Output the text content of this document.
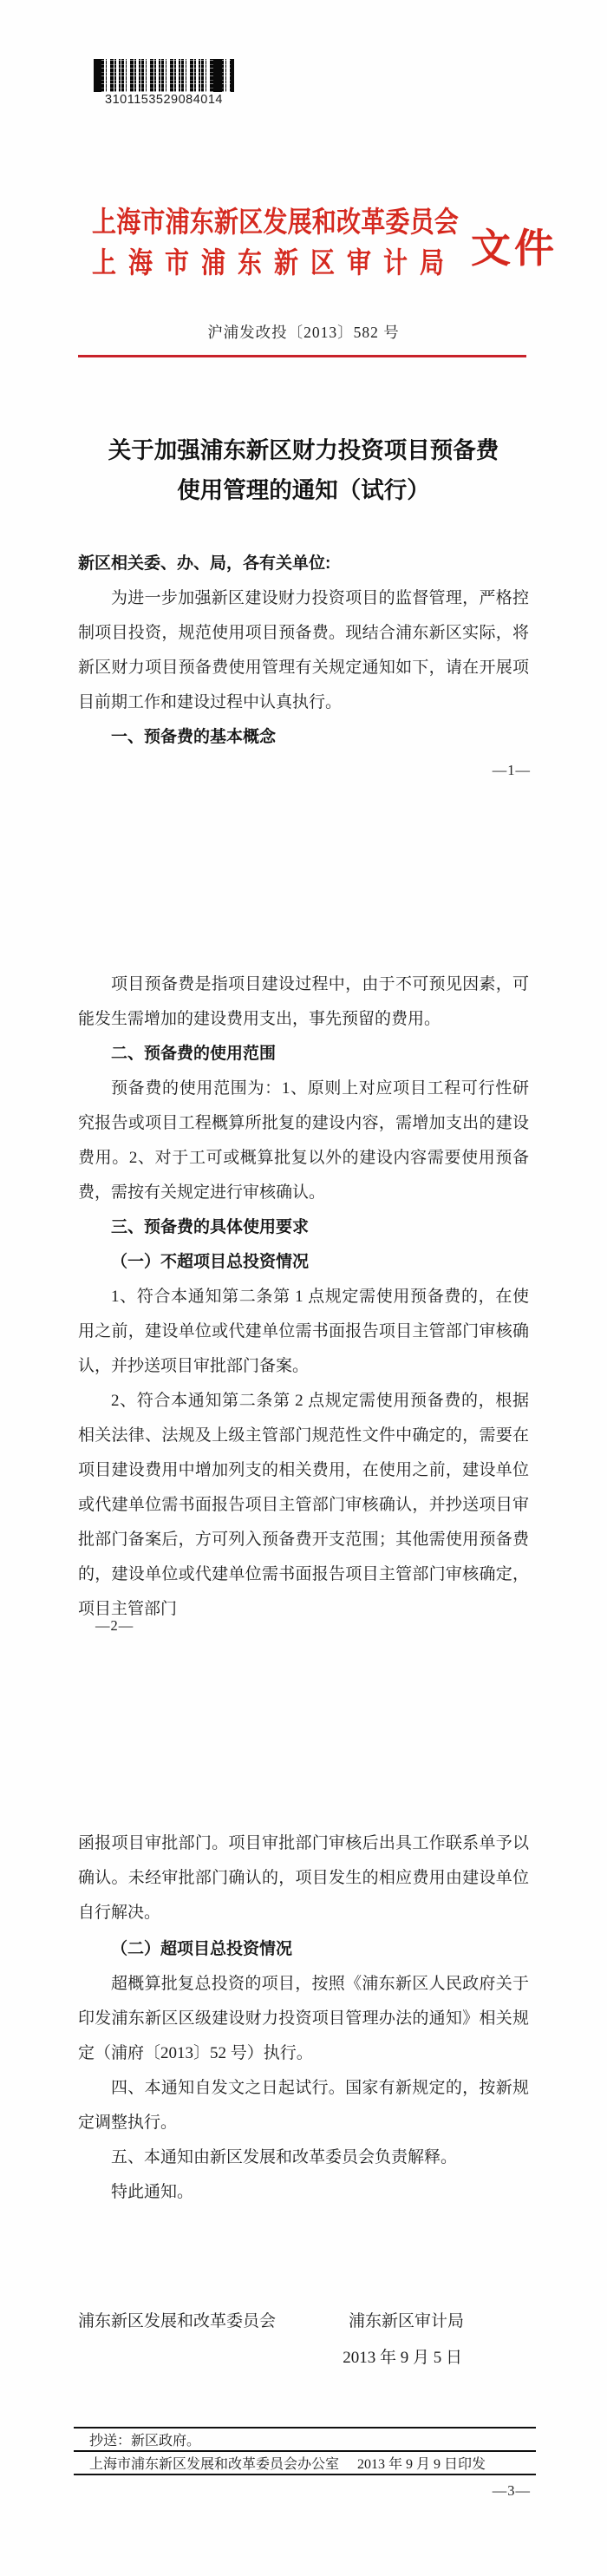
3101153529084014
上海市浦东新区发展和改革委员会
上海市浦东新区审计局 文件
沪浦发改投〔2013〕582 号
关于加强浦东新区财力投资项目预备费
使用管理的通知（试行）

新区相关委、办、局，各有关单位:

为进一步加强新区建设财力投资项目的监督管理，严格控制项目投资，规范使用项目预备费。现结合浦东新区实际，将新区财力项目预备费使用管理有关规定通知如下，请在开展项目前期工作和建设过程中认真执行。

一、预备费的基本概念

—1—

项目预备费是指项目建设过程中，由于不可预见因素，可能发生需增加的建设费用支出，事先预留的费用。

二、预备费的使用范围

预备费的使用范围为：1、原则上对应项目工程可行性研究报告或项目工程概算所批复的建设内容，需增加支出的建设费用。2、对于工可或概算批复以外的建设内容需要使用预备费，需按有关规定进行审核确认。

三、预备费的具体使用要求

（一）不超项目总投资情况

1、符合本通知第二条第 1 点规定需使用预备费的，在使用之前，建设单位或代建单位需书面报告项目主管部门审核确认，并抄送项目审批部门备案。

2、符合本通知第二条第 2 点规定需使用预备费的，根据相关法律、法规及上级主管部门规范性文件中确定的，需要在项目建设费用中增加列支的相关费用，在使用之前，建设单位或代建单位需书面报告项目主管部门审核确认，并抄送项目审批部门备案后，方可列入预备费开支范围；其他需使用预备费的，建设单位或代建单位需书面报告项目主管部门审核确定，项目主管部门

—2—

函报项目审批部门。项目审批部门审核后出具工作联系单予以确认。未经审批部门确认的，项目发生的相应费用由建设单位自行解决。

（二）超项目总投资情况

超概算批复总投资的项目，按照《浦东新区人民政府关于印发浦东新区区级建设财力投资项目管理办法的通知》相关规定（浦府〔2013〕52 号）执行。

四、本通知自发文之日起试行。国家有新规定的，按新规定调整执行。

五、本通知由新区发展和改革委员会负责解释。

特此通知。

浦东新区发展和改革委员会	浦东新区审计局
2013 年 9 月 5 日
抄送：新区政府。
上海市浦东新区发展和改革委员会办公室 2013 年 9 月 9 日印发
—3—
